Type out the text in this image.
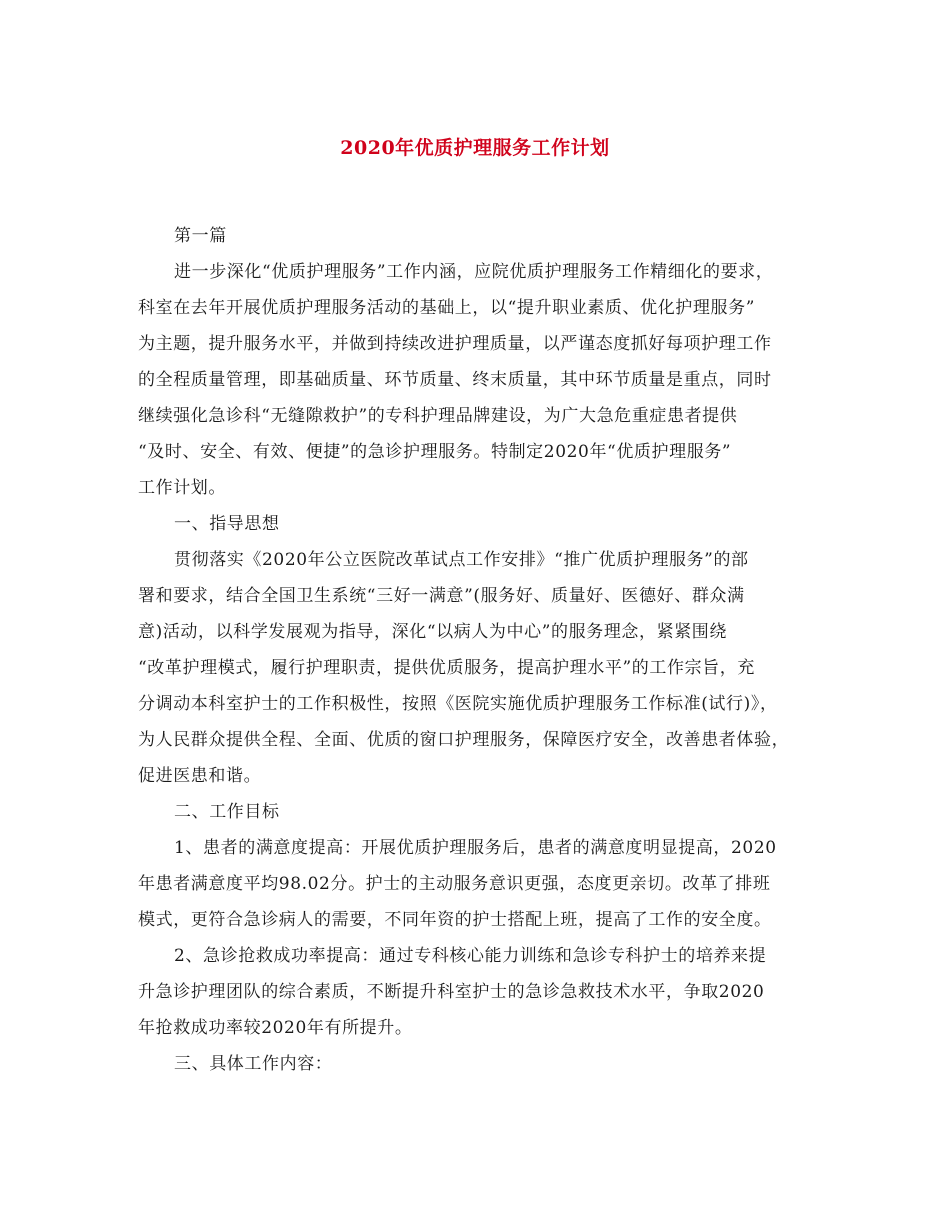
2020年优质护理服务工作计划
第一篇
进一步深化“优质护理服务”工作内涵，应院优质护理服务工作精细化的要求，
科室在去年开展优质护理服务活动的基础上，以“提升职业素质、优化护理服务”
为主题，提升服务水平，并做到持续改进护理质量，以严谨态度抓好每项护理工作
的全程质量管理，即基础质量、环节质量、终末质量，其中环节质量是重点，同时
继续强化急诊科“无缝隙救护”的专科护理品牌建设，为广大急危重症患者提供
“及时、安全、有效、便捷”的急诊护理服务。特制定2020年“优质护理服务”
工作计划。
一、指导思想
贯彻落实《2020年公立医院改革试点工作安排》“推广优质护理服务”的部
署和要求，结合全国卫生系统“三好一满意”(服务好、质量好、医德好、群众满
意)活动，以科学发展观为指导，深化“以病人为中心”的服务理念，紧紧围绕
“改革护理模式，履行护理职责，提供优质服务，提高护理水平”的工作宗旨，充
分调动本科室护士的工作积极性，按照《医院实施优质护理服务工作标准(试行)》，
为人民群众提供全程、全面、优质的窗口护理服务，保障医疗安全，改善患者体验，
促进医患和谐。
二、工作目标
1、患者的满意度提高：开展优质护理服务后，患者的满意度明显提高，2020
年患者满意度平均98.02分。护士的主动服务意识更强，态度更亲切。改革了排班
模式，更符合急诊病人的需要，不同年资的护士搭配上班，提高了工作的安全度。
2、急诊抢救成功率提高：通过专科核心能力训练和急诊专科护士的培养来提
升急诊护理团队的综合素质，不断提升科室护士的急诊急救技术水平，争取2020
年抢救成功率较2020年有所提升。
三、具体工作内容：
